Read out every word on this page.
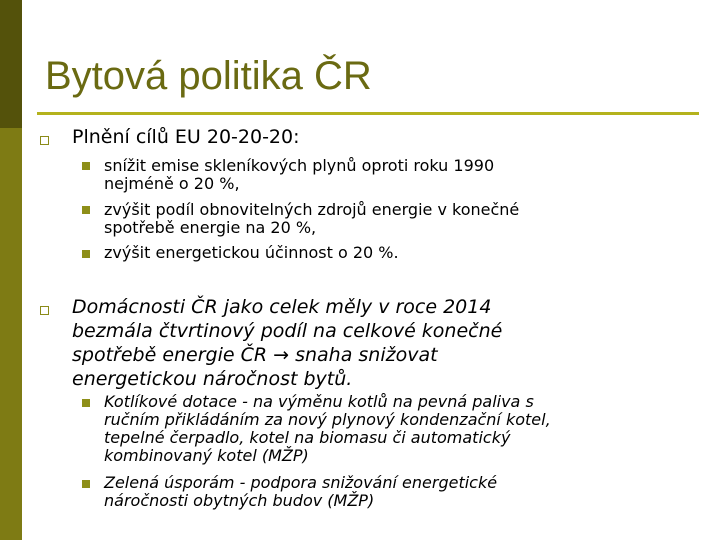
Bytová politika ČR
Plnění cílů EU 20-20-20:
snížit emise skleníkových plynů oproti roku 1990
nejméně o 20 %,
zvýšit podíl obnovitelných zdrojů energie v konečné
spotřebě energie na 20 %,
zvýšit energetickou účinnost o 20 %.
Domácnosti ČR jako celek měly v roce 2014
bezmála čtvrtinový podíl na celkové konečné
spotřebě energie ČR → snaha snižovat
energetickou náročnost bytů.
Kotlíkové dotace - na výměnu kotlů na pevná paliva s
ručním přikládáním za nový plynový kondenzační kotel,
tepelné čerpadlo, kotel na biomasu či automatický
kombinovaný kotel (MŽP)
Zelená úsporám - podpora snižování energetické
náročnosti obytných budov (MŽP)
